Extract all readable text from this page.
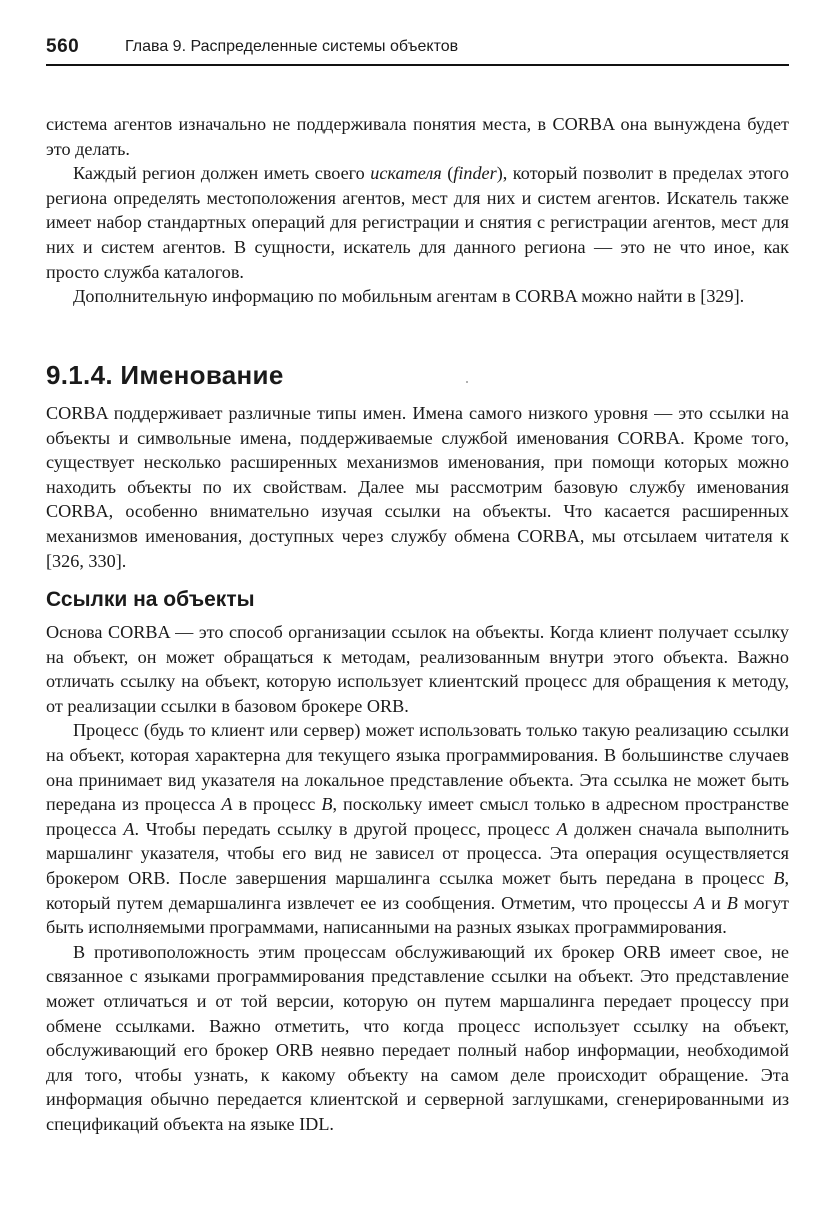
560	Глава 9. Распределенные системы объектов

система агентов изначально не поддерживала понятия места, в CORBA она вынуждена будет это делать.

Каждый регион должен иметь своего искателя (finder), который позволит в пределах этого региона определять местоположения агентов, мест для них и систем агентов. Искатель также имеет набор стандартных операций для регистрации и снятия с регистрации агентов, мест для них и систем агентов. В сущности, искатель для данного региона — это не что иное, как просто служба каталогов.

Дополнительную информацию по мобильным агентам в CORBA можно найти в [329].

9.1.4. Именование

CORBA поддерживает различные типы имен. Имена самого низкого уровня — это ссылки на объекты и символьные имена, поддерживаемые службой именования CORBA. Кроме того, существует несколько расширенных механизмов именования, при помощи которых можно находить объекты по их свойствам. Далее мы рассмотрим базовую службу именования CORBA, особенно внимательно изучая ссылки на объекты. Что касается расширенных механизмов именования, доступных через службу обмена CORBA, мы отсылаем читателя к [326, 330].

Ссылки на объекты

Основа CORBA — это способ организации ссылок на объекты. Когда клиент получает ссылку на объект, он может обращаться к методам, реализованным внутри этого объекта. Важно отличать ссылку на объект, которую использует клиентский процесс для обращения к методу, от реализации ссылки в базовом брокере ORB.

Процесс (будь то клиент или сервер) может использовать только такую реализацию ссылки на объект, которая характерна для текущего языка программирования. В большинстве случаев она принимает вид указателя на локальное представление объекта. Эта ссылка не может быть передана из процесса A в процесс B, поскольку имеет смысл только в адресном пространстве процесса A. Чтобы передать ссылку в другой процесс, процесс A должен сначала выполнить маршалинг указателя, чтобы его вид не зависел от процесса. Эта операция осуществляется брокером ORB. После завершения маршалинга ссылка может быть передана в процесс B, который путем демаршалинга извлечет ее из сообщения. Отметим, что процессы A и B могут быть исполняемыми программами, написанными на разных языках программирования.

В противоположность этим процессам обслуживающий их брокер ORB имеет свое, не связанное с языками программирования представление ссылки на объект. Это представление может отличаться и от той версии, которую он путем маршалинга передает процессу при обмене ссылками. Важно отметить, что когда процесс использует ссылку на объект, обслуживающий его брокер ORB неявно передает полный набор информации, необходимой для того, чтобы узнать, к какому объекту на самом деле происходит обращение. Эта информация обычно передается клиентской и серверной заглушками, сгенерированными из спецификаций объекта на языке IDL.
